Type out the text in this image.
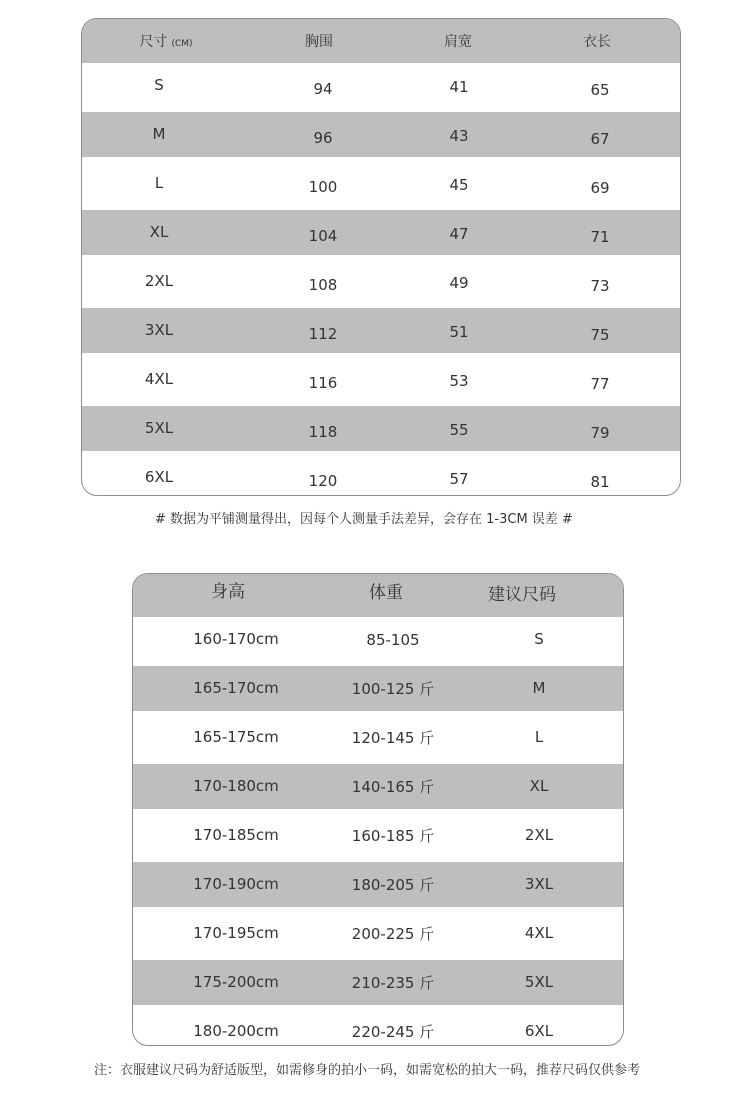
尺寸 (CM)	胸围	肩宽	衣长
S	94	41	65
M	96	43	67
L	100	45	69
XL	104	47	71
2XL	108	49	73
3XL	112	51	75
4XL	116	53	77
5XL	118	55	79
6XL	120	57	81
# 数据为平铺测量得出，因每个人测量手法差异，会存在 1-3CM 误差 #
身高	体重	建议尺码
160-170cm	85-105	S
165-170cm	100-125 斤	M
165-175cm	120-145 斤	L
170-180cm	140-165 斤	XL
170-185cm	160-185 斤	2XL
170-190cm	180-205 斤	3XL
170-195cm	200-225 斤	4XL
175-200cm	210-235 斤	5XL
180-200cm	220-245 斤	6XL
注：衣服建议尺码为舒适版型，如需修身的拍小一码，如需宽松的拍大一码，推荐尺码仅供参考
